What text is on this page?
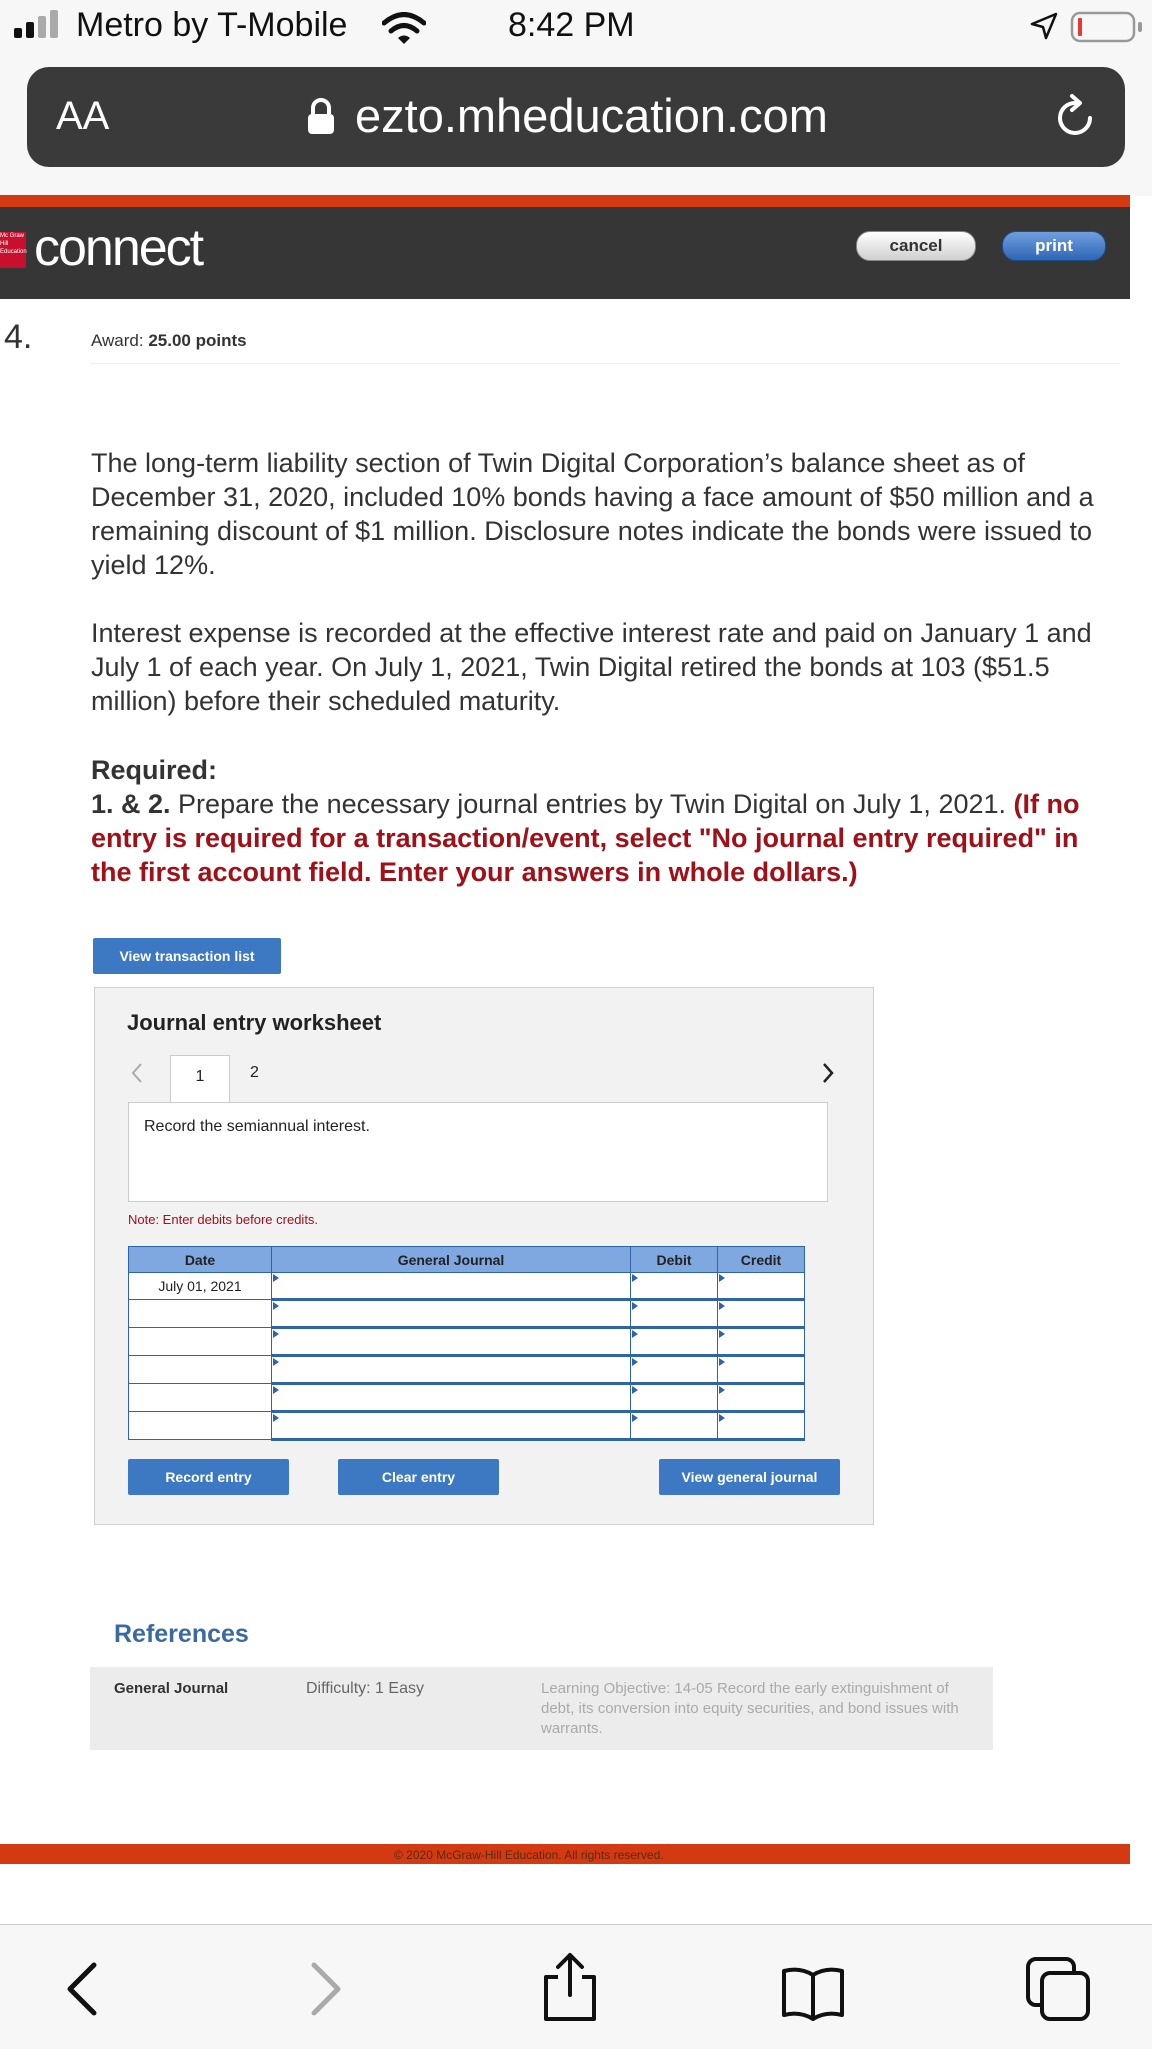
Metro by T-Mobile	8:42 PM
AA	ezto.mheducation.com
Mc Graw Hill Education connect	cancel	print
4.	Award: 25.00 points
The long-term liability section of Twin Digital Corporation’s balance sheet as of December 31, 2020, included 10% bonds having a face amount of $50 million and a remaining discount of $1 million. Disclosure notes indicate the bonds were issued to yield 12%.
Interest expense is recorded at the effective interest rate and paid on January 1 and July 1 of each year. On July 1, 2021, Twin Digital retired the bonds at 103 ($51.5 million) before their scheduled maturity.
Required:
1. & 2. Prepare the necessary journal entries by Twin Digital on July 1, 2021. (If no entry is required for a transaction/event, select "No journal entry required" in the first account field. Enter your answers in whole dollars.)
View transaction list
Journal entry worksheet
1	2
Record the semiannual interest.
Note: Enter debits before credits.
Date	General Journal	Debit	Credit
July 01, 2021			

Record entry	Clear entry	View general journal
References
General Journal	Difficulty: 1 Easy	Learning Objective: 14-05 Record the early extinguishment of debt, its conversion into equity securities, and bond issues with warrants.
© 2020 McGraw-Hill Education. All rights reserved.
